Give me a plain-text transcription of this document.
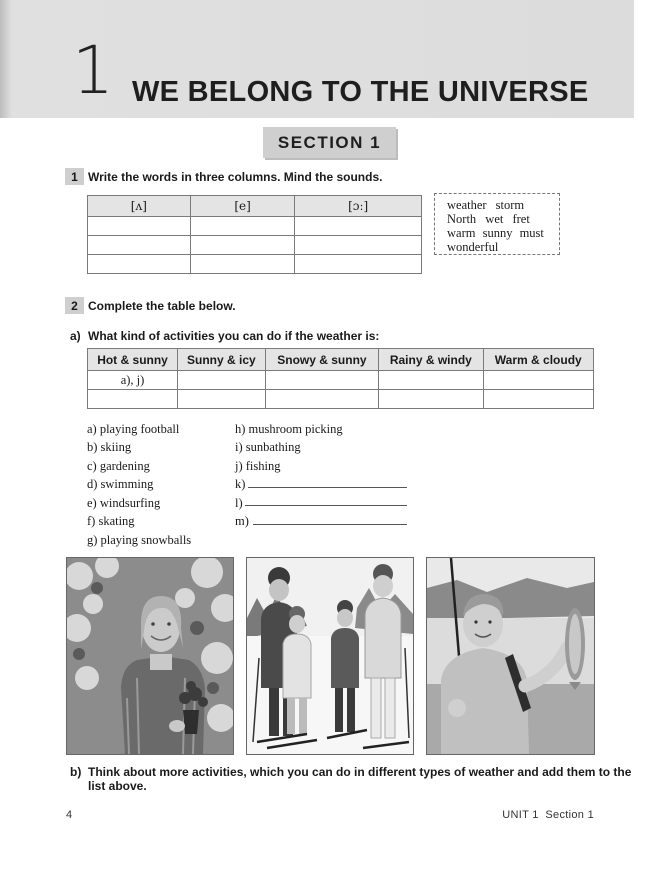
1 WE BELONG TO THE UNIVERSE
SECTION 1
1 Write the words in three columns. Mind the sounds.
[ʌ]	[e]	[ɔː]

			weather storm
North wet fret
warm sunny must
wonderful
2 Complete the table below.
a) What kind of activities you can do if the weather is:
Hot & sunny	Sunny & icy	Snowy & sunny	Rainy & windy	Warm & cloudy
a), j)				

a) playing football
b) skiing
c) gardening
d) swimming
e) windsurfing
f) skating
g) playing snowballs
h) mushroom picking
i) sunbathing
j) fishing
k)
l)
m)
b) Think about more activities, which you can do in different types of weather and add them to the
list above.
4	UNIT 1 Section 1
